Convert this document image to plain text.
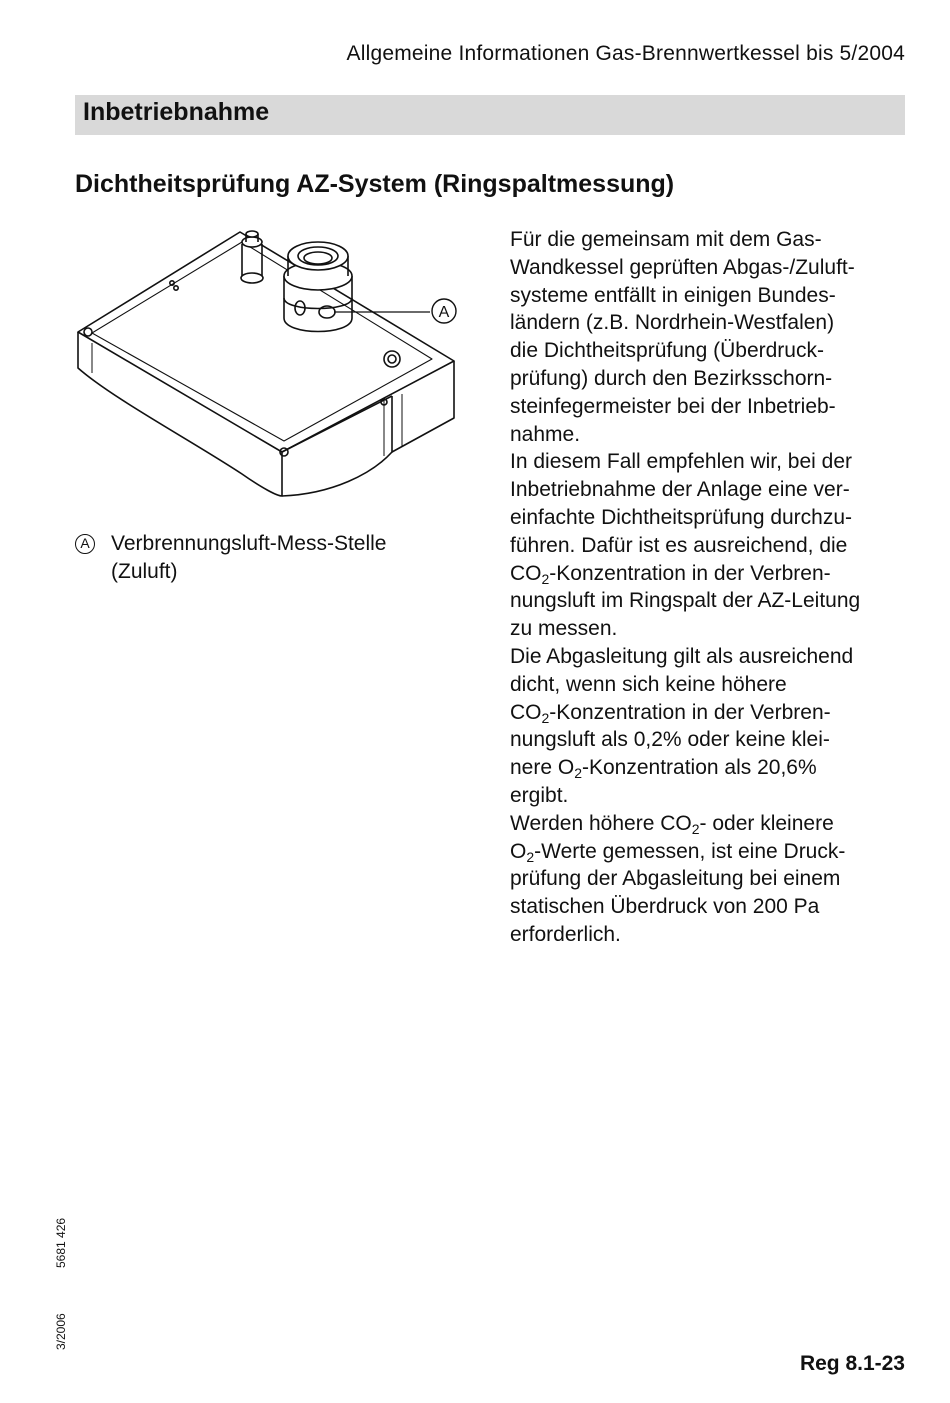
Allgemeine Informationen Gas-Brennwertkessel bis 5/2004
Inbetriebnahme
Dichtheitsprüfung AZ-System (Ringspaltmessung)
A
A Verbrennungsluft-Mess-Stelle
(Zuluft)
Für die gemeinsam mit dem Gas-
Wandkessel geprüften Abgas-/Zuluft-
systeme entfällt in einigen Bundes-
ländern (z.B. Nordrhein-Westfalen)
die Dichtheitsprüfung (Überdruck-
prüfung) durch den Bezirksschorn-
steinfegermeister bei der Inbetrieb-
nahme.
In diesem Fall empfehlen wir, bei der
Inbetriebnahme der Anlage eine ver-
einfachte Dichtheitsprüfung durchzu-
führen. Dafür ist es ausreichend, die
$CO_2$-Konzentration in der Verbren-
nungsluft im Ringspalt der AZ-Leitung
zu messen.
Die Abgasleitung gilt als ausreichend
dicht, wenn sich keine höhere
$CO_2$-Konzentration in der Verbren-
nungsluft als 0,2% oder keine klei-
nere $O_2$-Konzentration als 20,6%
ergibt.
Werden höhere $CO_2-$ oder kleinere
$O_2$-Werte gemessen, ist eine Druck-
prüfung der Abgasleitung bei einem
statischen Überdruck von 200 Pa
erforderlich.
5681 426
3/2006
Reg 8.1-23
